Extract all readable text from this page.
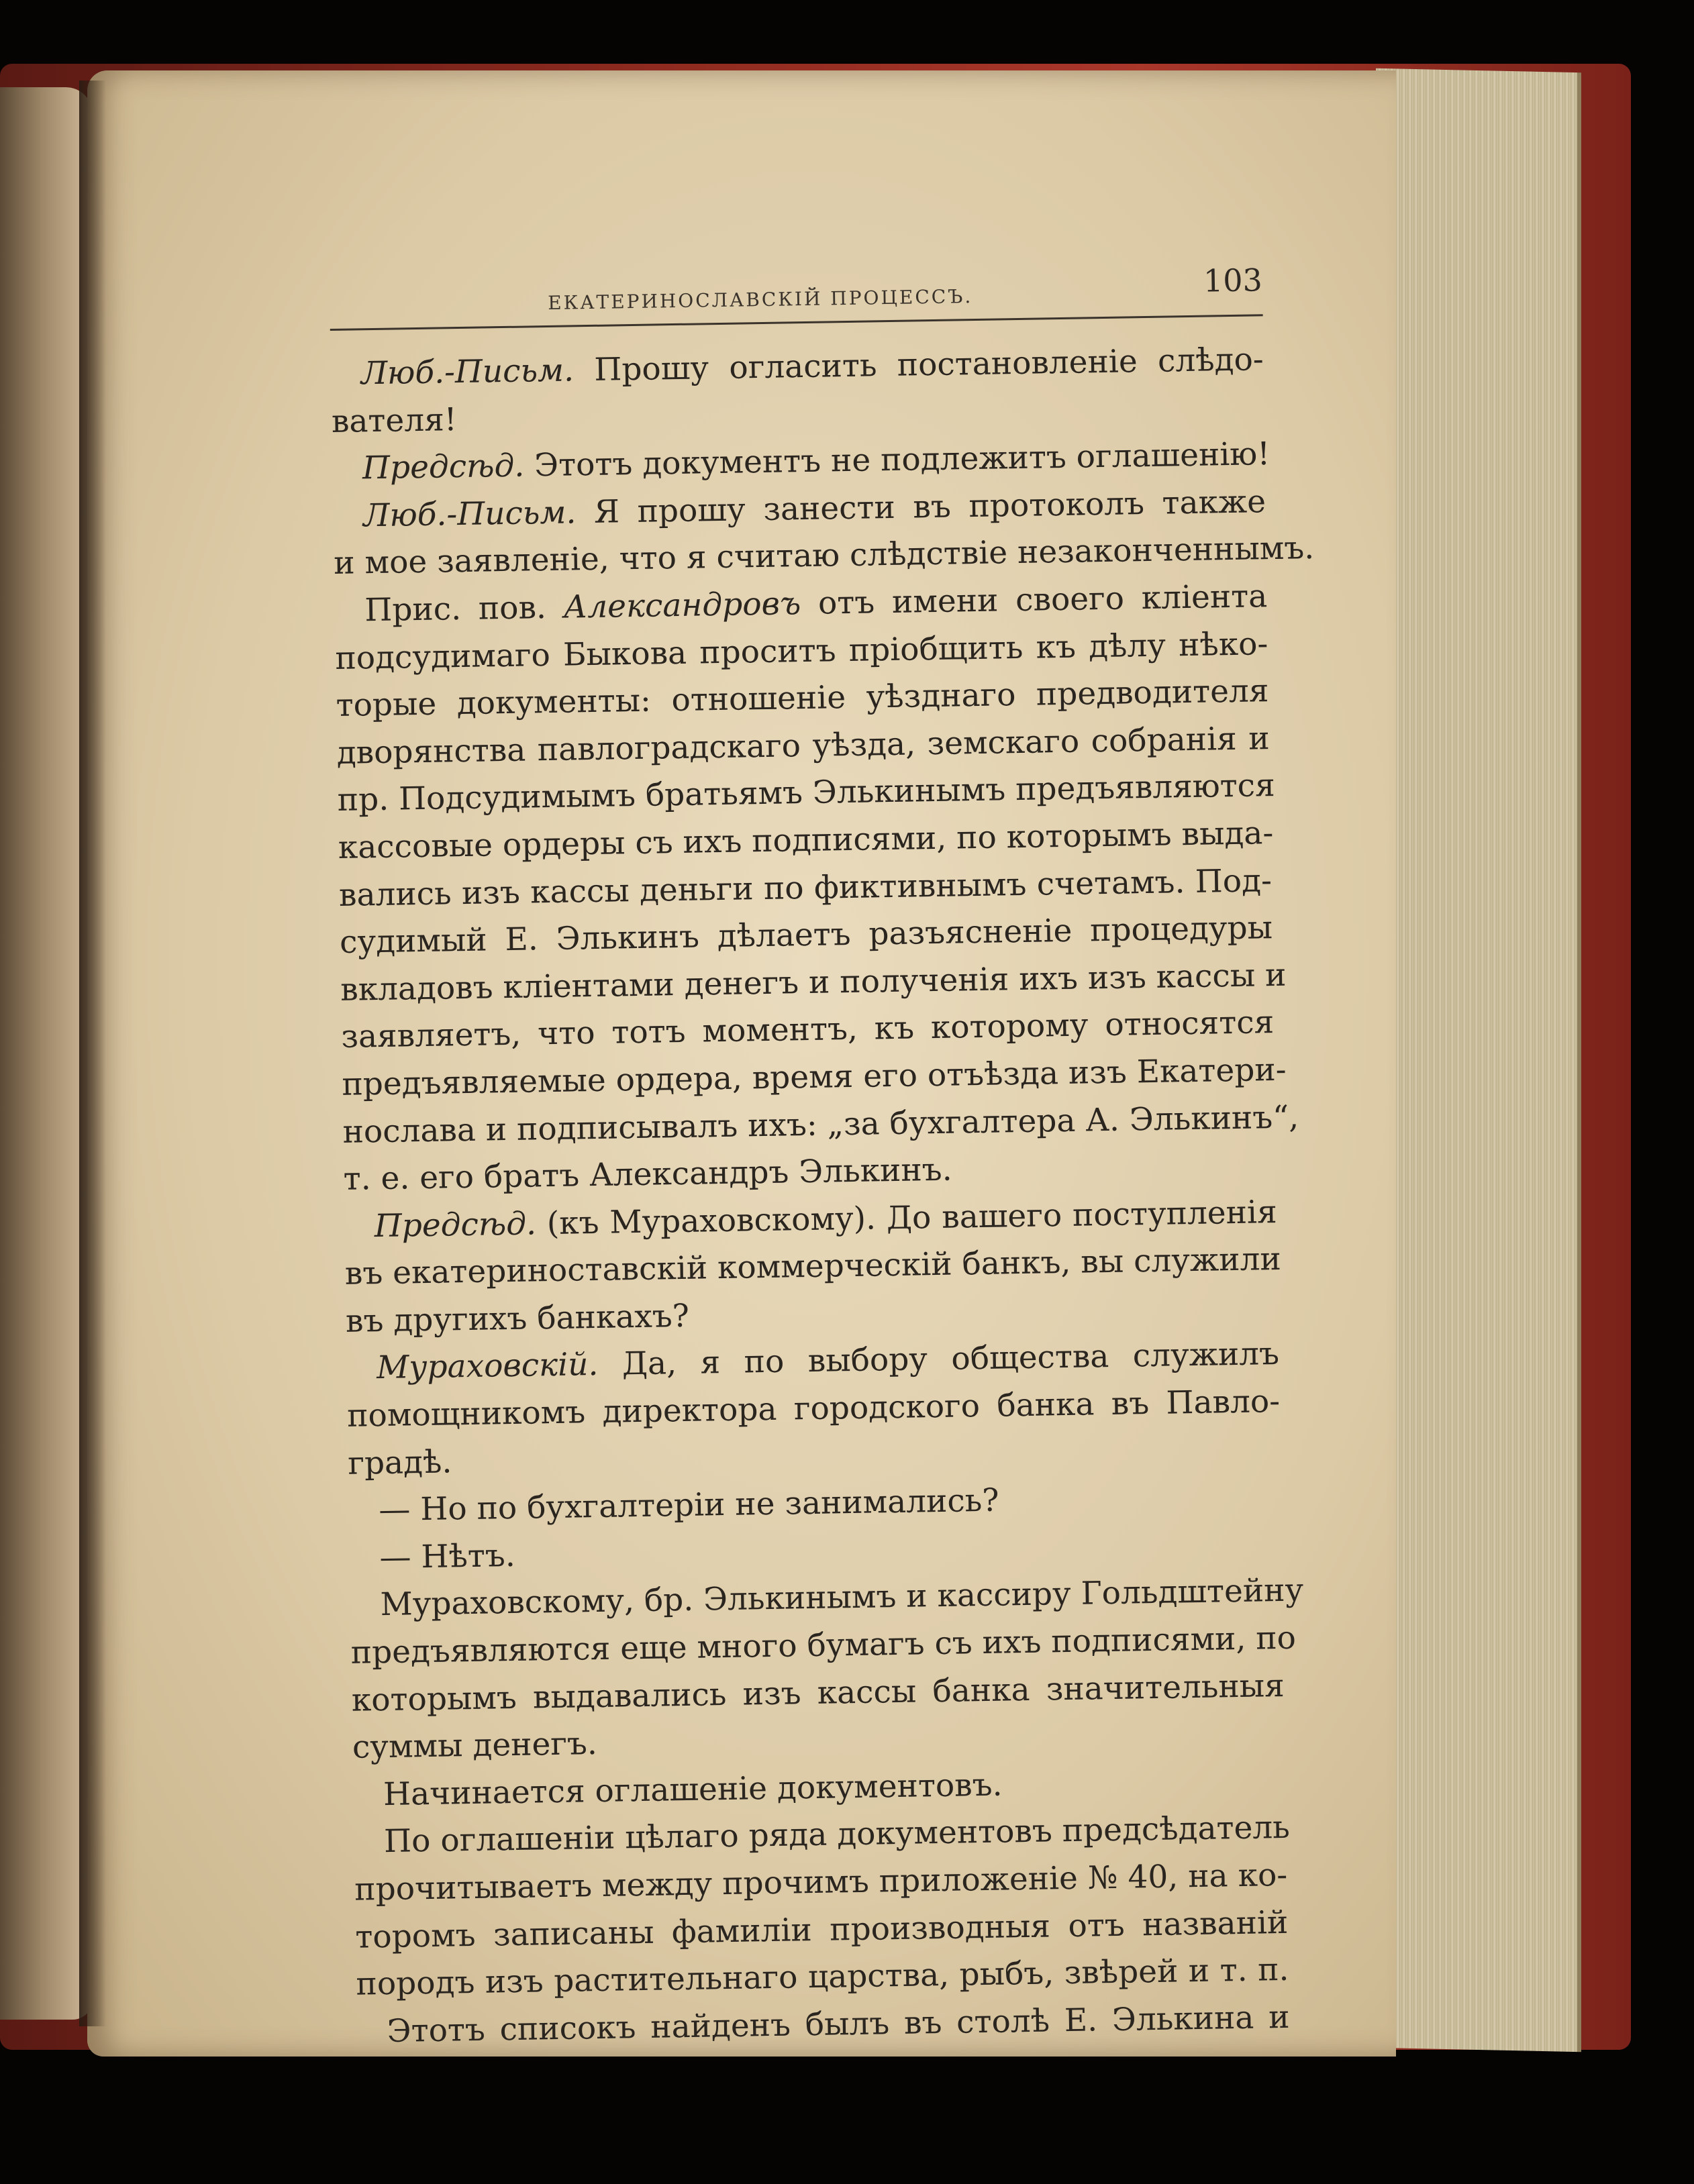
ЕКАТЕРИНОСЛАВСКІЙ ПРОЦЕССЪ.
103
Люб.-Письм. Прошу огласить постановленіе слѣдо-
вателя!
Предсѣд. Этотъ документъ не подлежитъ оглашенію!
Люб.-Письм. Я прошу занести въ протоколъ также
и мое заявленіе, что я считаю слѣдствіе незаконченнымъ.
Прис. пов. Александровъ отъ имени своего кліента
подсудимаго Быкова проситъ пріобщить къ дѣлу нѣко-
торые документы: отношеніе уѣзднаго предводителя
дворянства павлоградскаго уѣзда, земскаго собранія и
пр. Подсудимымъ братьямъ Элькинымъ предъявляются
кассовые ордеры съ ихъ подписями, по которымъ выда-
вались изъ кассы деньги по фиктивнымъ счетамъ. Под-
судимый Е. Элькинъ дѣлаетъ разъясненіе процедуры
вкладовъ кліентами денегъ и полученія ихъ изъ кассы и
заявляетъ, что тотъ моментъ, къ которому относятся
предъявляемые ордера, время его отъѣзда изъ Екатери-
нослава и подписывалъ ихъ: „за бухгалтера А. Элькинъ“,
т. е. его братъ Александръ Элькинъ.
Предсѣд. (къ Мураховскому). До вашего поступленія
въ екатериноставскій коммерческій банкъ, вы служили
въ другихъ банкахъ?
Мураховскій. Да, я по выбору общества служилъ
помощникомъ директора городского банка въ Павло-
градѣ.
— Но по бухгалтеріи не занимались?
— Нѣтъ.
Мураховскому, бр. Элькинымъ и кассиру Гольдштейну
предъявляются еще много бумагъ съ ихъ подписями, по
которымъ выдавались изъ кассы банка значительныя
суммы денегъ.
Начинается оглашеніе документовъ.
По оглашеніи цѣлаго ряда документовъ предсѣдатель
прочитываетъ между прочимъ приложеніе № 40, на ко-
торомъ записаны фамиліи производныя отъ названій
породъ изъ растительнаго царства, рыбъ, звѣрей и т. п.
Этотъ списокъ найденъ былъ въ столѣ Е. Элькина и
